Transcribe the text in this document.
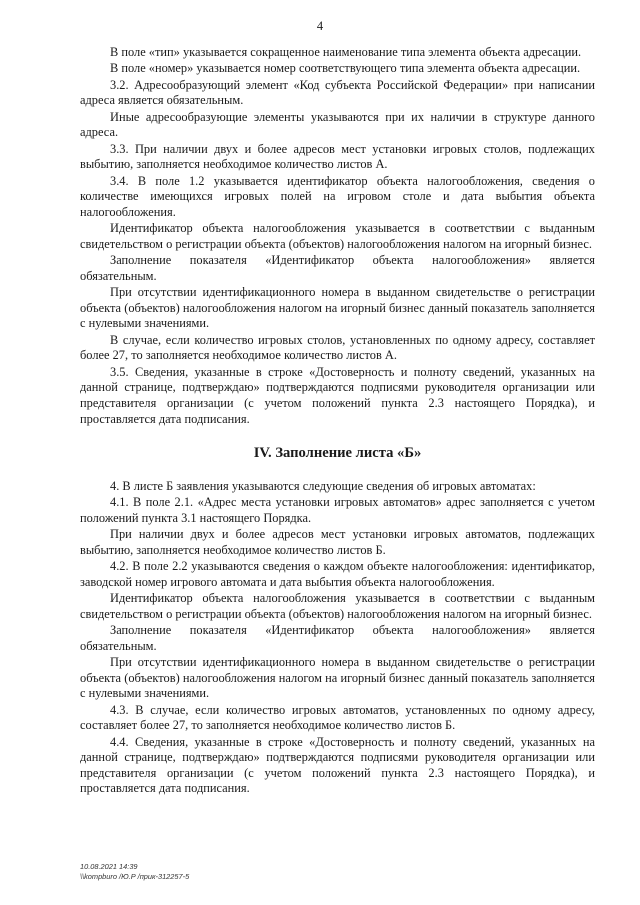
4

В поле «тип» указывается сокращенное наименование типа элемента объекта адресации.

В поле «номер» указывается номер соответствующего типа элемента объекта адресации.

3.2. Адресообразующий элемент «Код субъекта Российской Федерации» при написании адреса является обязательным.

Иные адресообразующие элементы указываются при их наличии в структуре данного адреса.

3.3. При наличии двух и более адресов мест установки игровых столов, подлежащих выбытию, заполняется необходимое количество листов А.

3.4. В поле 1.2 указывается идентификатор объекта налогообложения, сведения о количестве имеющихся игровых полей на игровом столе и дата выбытия объекта налогообложения.

Идентификатор объекта налогообложения указывается в соответствии с выданным свидетельством о регистрации объекта (объектов) налогообложения налогом на игорный бизнес.

Заполнение показателя «Идентификатор объекта налогообложения» является обязательным.

При отсутствии идентификационного номера в выданном свидетельстве о регистрации объекта (объектов) налогообложения налогом на игорный бизнес данный показатель заполняется с нулевыми значениями.

В случае, если количество игровых столов, установленных по одному адресу, составляет более 27, то заполняется необходимое количество листов А.

3.5. Сведения, указанные в строке «Достоверность и полноту сведений, указанных на данной странице, подтверждаю» подтверждаются подписями руководителя организации или представителя организации (с учетом положений пункта 2.3 настоящего Порядка), и проставляется дата подписания.

IV. Заполнение листа «Б»

4. В листе Б заявления указываются следующие сведения об игровых автоматах:

4.1. В поле 2.1. «Адрес места установки игровых автоматов» адрес заполняется с учетом положений пункта 3.1 настоящего Порядка.

При наличии двух и более адресов мест установки игровых автоматов, подлежащих выбытию, заполняется необходимое количество листов Б.

4.2. В поле 2.2 указываются сведения о каждом объекте налогообложения: идентификатор, заводской номер игрового автомата и дата выбытия объекта налогообложения.

Идентификатор объекта налогообложения указывается в соответствии с выданным свидетельством о регистрации объекта (объектов) налогообложения налогом на игорный бизнес.

Заполнение показателя «Идентификатор объекта налогообложения» является обязательным.

При отсутствии идентификационного номера в выданном свидетельстве о регистрации объекта (объектов) налогообложения налогом на игорный бизнес данный показатель заполняется с нулевыми значениями.

4.3. В случае, если количество игровых автоматов, установленных по одному адресу, составляет более 27, то заполняется необходимое количество листов Б.

4.4. Сведения, указанные в строке «Достоверность и полноту сведений, указанных на данной странице, подтверждаю» подтверждаются подписями руководителя организации или представителя организации (с учетом положений пункта 2.3 настоящего Порядка), и проставляется дата подписания.

10.08.2021 14:39
\\kompburo /Ю.Р /прик-312257-5
